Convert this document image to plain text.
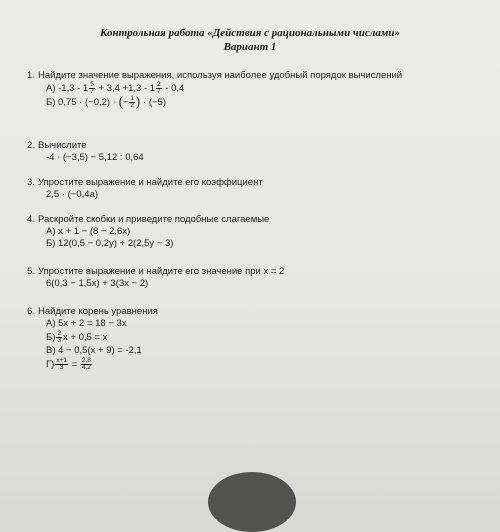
Контрольная работа «Действия с рациональными числами»
Вариант 1
1. Найдите значение выражения, используя наиболее удобный порядок вычислений
А) $-1,3 - 1 \frac{5}{7} + 3,4 +1,3 - 1 \frac{2}{7} - 0,4$
Б) 0,75 · (−0,2) · (− $\frac{1}{2}$ ) · (−5)
2. Вычислите
-4 · (−3,5) − 5,12 : 0,64
3. Упростите выражение и найдите его коэффициент
2,5 · (−0,4a)
4. Раскройте скобки и приведите подобные слагаемые
А) x + 1 − (8 − 2,6x)
Б) 12(0,5 − 0,2y) + 2(2,5y − 3)
5. Упростите выражение и найдите его значение при x = 2
6(0,3 − 1,5x) + 3(3x − 2)
6. Найдите корень уравнения
А) 5x + 2 = 18 − 3x
$Б) \frac{2}{3}$ x + 0,5 = x
В) 4 − 0,5(x + 9) = -2,1
$Г) \frac{x+1}{3} = \frac{2,8}{4,2}$
